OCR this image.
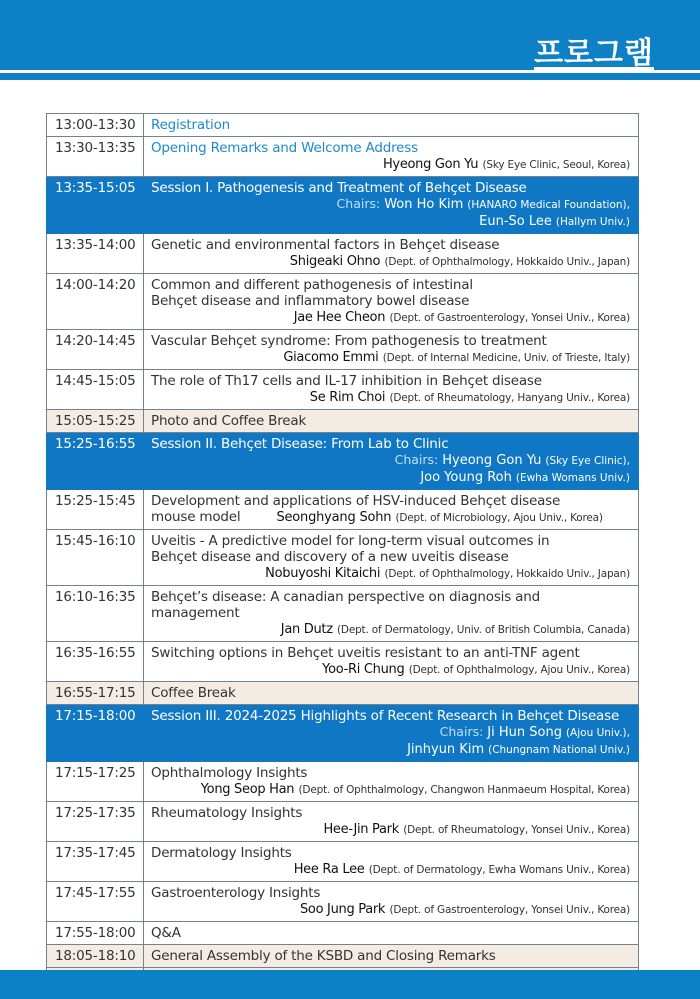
프로그램
13:00-13:30	Registration

13:30-13:35	Opening Remarks and Welcome Address
Hyeong Gon Yu (Sky Eye Clinic, Seoul, Korea)

13:35-15:05	Session I. Pathogenesis and Treatment of Behçet Disease
Chairs: Won Ho Kim (HANARO Medical Foundation),
Eun-So Lee (Hallym Univ.)

13:35-14:00	Genetic and environmental factors in Behçet disease
Shigeaki Ohno (Dept. of Ophthalmology, Hokkaido Univ., Japan)

14:00-14:20	Common and different pathogenesis of intestinal
Behçet disease and inflammatory bowel disease
Jae Hee Cheon (Dept. of Gastroenterology, Yonsei Univ., Korea)

14:20-14:45	Vascular Behçet syndrome: From pathogenesis to treatment
Giacomo Emmi (Dept. of Internal Medicine, Univ. of Trieste, Italy)

14:45-15:05	The role of Th17 cells and IL-17 inhibition in Behçet disease
Se Rim Choi (Dept. of Rheumatology, Hanyang Univ., Korea)

15:05-15:25	Photo and Coffee Break

15:25-16:55	Session II. Behçet Disease: From Lab to Clinic
Chairs: Hyeong Gon Yu (Sky Eye Clinic),
Joo Young Roh (Ewha Womans Univ.)

15:25-15:45	Development and applications of HSV-induced Behçet disease
mouse model Seonghyang Sohn (Dept. of Microbiology, Ajou Univ., Korea)

15:45-16:10	Uveitis - A predictive model for long-term visual outcomes in
Behçet disease and discovery of a new uveitis disease
Nobuyoshi Kitaichi (Dept. of Ophthalmology, Hokkaido Univ., Japan)

16:10-16:35	Behçet’s disease: A canadian perspective on diagnosis and management
Jan Dutz (Dept. of Dermatology, Univ. of British Columbia, Canada)

16:35-16:55	Switching options in Behçet uveitis resistant to an anti-TNF agent
Yoo-Ri Chung (Dept. of Ophthalmology, Ajou Univ., Korea)

16:55-17:15	Coffee Break

17:15-18:00	Session III. 2024-2025 Highlights of Recent Research in Behçet Disease
Chairs: Ji Hun Song (Ajou Univ.),
Jinhyun Kim (Chungnam National Univ.)

17:15-17:25	Ophthalmology Insights
Yong Seop Han (Dept. of Ophthalmology, Changwon Hanmaeum Hospital, Korea)

17:25-17:35	Rheumatology Insights
Hee-Jin Park (Dept. of Rheumatology, Yonsei Univ., Korea)

17:35-17:45	Dermatology Insights
Hee Ra Lee (Dept. of Dermatology, Ewha Womans Univ., Korea)

17:45-17:55	Gastroenterology Insights
Soo Jung Park (Dept. of Gastroenterology, Yonsei Univ., Korea)

17:55-18:00	Q&A

18:05-18:10	General Assembly of the KSBD and Closing Remarks
